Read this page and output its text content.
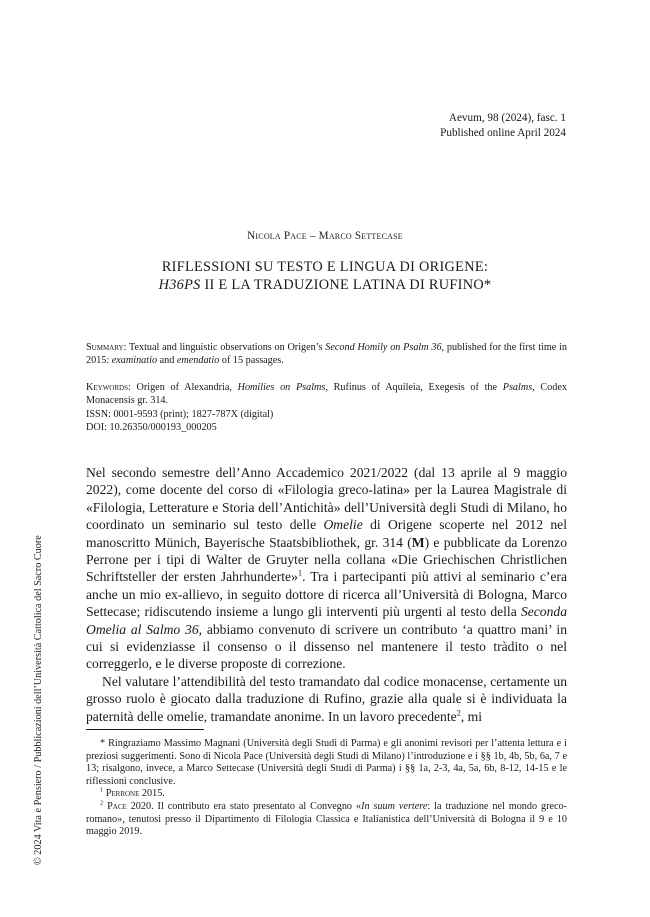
Aevum, 98 (2024), fasc. 1
Published online April 2024
Nicola Pace – Marco Settecase
RIFLESSIONI SU TESTO E LINGUA DI ORIGENE:
H36PS II E LA TRADUZIONE LATINA DI RUFINO*
Summary: Textual and linguistic observations on Origen’s Second Homily on Psalm 36, published for the first time in 2015: examinatio and emendatio of 15 passages.
Keywords: Origen of Alexandria, Homilies on Psalms, Rufinus of Aquileia, Exegesis of the Psalms, Codex Monacensis gr. 314.
ISSN: 0001-9593 (print); 1827-787X (digital)
DOI: 10.26350/000193_000205

Nel secondo semestre dell’Anno Accademico 2021/2022 (dal 13 aprile al 9 maggio 2022), come docente del corso di «Filologia greco-latina» per la Laurea Magistrale di «Filologia, Letterature e Storia dell’Antichità» dell’Università degli Studi di Milano, ho coordinato un seminario sul testo delle Omelie di Origene scoperte nel 2012 nel manoscritto Münich, Bayerische Staatsbibliothek, gr. 314 (M) e pubblicate da Lorenzo Perrone per i tipi di Walter de Gruyter nella collana «Die Griechischen Christlichen Schriftsteller der ersten Jahrhunderte»$^1$. Tra i partecipanti più attivi al seminario c’era anche un mio ex-allievo, in seguito dottore di ricerca all’Università di Bologna, Marco Settecase; ridiscutendo insieme a lungo gli interventi più urgenti al testo della Seconda Omelia al Salmo 36, abbiamo convenuto di scrivere un contributo ‘a quattro mani’ in cui si evidenziasse il consenso o il dissenso nel mantenere il testo tràdito o nel correggerlo, e le diverse proposte di correzione.

Nel valutare l’attendibilità del testo tramandato dal codice monacense, certamente un grosso ruolo è giocato dalla traduzione di Rufino, grazie alla quale si è individuata la paternità delle omelie, tramandate anonime. In un lavoro precedente$^2$, mi

* Ringraziamo Massimo Magnani (Università degli Studi di Parma) e gli anonimi revisori per l’attenta lettura e i preziosi suggerimenti. Sono di Nicola Pace (Università degli Studi di Milano) l’introduzione e i §§ 1b, 4b, 5b, 6a, 7 e 13; risalgono, invece, a Marco Settecase (Università degli Studi di Parma) i §§ 1a, 2-3, 4a, 5a, 6b, 8-12, 14-15 e le riflessioni conclusive.

$^1$ Perrone 2015.

$^2$ Pace 2020. Il contributo era stato presentato al Convegno «In suum vertere: la traduzione nel mondo greco-romano», tenutosi presso il Dipartimento di Filologia Classica e Italianistica dell’Università di Bologna il 9 e 10 maggio 2019.

© 2024 Vita e Pensiero / Pubblicazioni dell’Università Cattolica del Sacro Cuore
